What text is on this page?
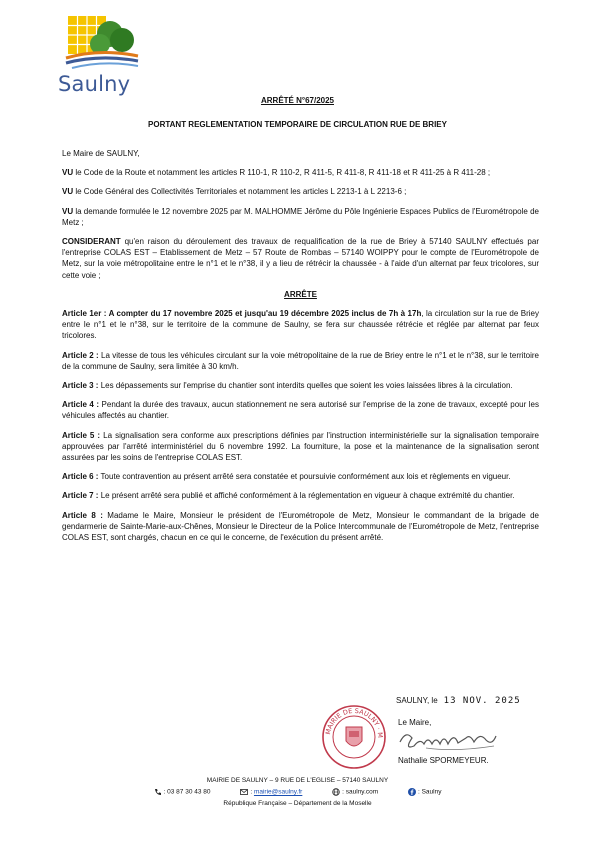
Saulny
ARRÊTÉ N°67/2025
PORTANT REGLEMENTATION TEMPORAIRE DE CIRCULATION RUE DE BRIEY

Le Maire de SAULNY,

VU le Code de la Route et notamment les articles R 110-1, R 110-2, R 411-5, R 411-8, R 411-18 et R 411-25 à R 411-28 ;

VU le Code Général des Collectivités Territoriales et notamment les articles L 2213-1 à L 2213-6 ;

VU la demande formulée le 12 novembre 2025 par M. MALHOMME Jérôme du Pôle Ingénierie Espaces Publics de l'Eurométropole de Metz ;

CONSIDERANT qu'en raison du déroulement des travaux de requalification de la rue de Briey à 57140 SAULNY effectués par l'entreprise COLAS EST – Etablissement de Metz – 57 Route de Rombas – 57140 WOIPPY pour le compte de l'Eurométropole de Metz, sur la voie métropolitaine entre le n°1 et le n°38, il y a lieu de rétrécir la chaussée - à l'aide d'un alternat par feux tricolores, sur cette voie ;

ARRÊTE

Article 1er : A compter du 17 novembre 2025 et jusqu'au 19 décembre 2025 inclus de 7h à 17h, la circulation sur la rue de Briey entre le n°1 et le n°38, sur le territoire de la commune de Saulny, se fera sur chaussée rétrécie et réglée par alternat par feux tricolores.

Article 2 : La vitesse de tous les véhicules circulant sur la voie métropolitaine de la rue de Briey entre le n°1 et le n°38, sur le territoire de la commune de Saulny, sera limitée à 30 km/h.

Article 3 : Les dépassements sur l'emprise du chantier sont interdits quelles que soient les voies laissées libres à la circulation.

Article 4 : Pendant la durée des travaux, aucun stationnement ne sera autorisé sur l'emprise de la zone de travaux, excepté pour les véhicules affectés au chantier.

Article 5 : La signalisation sera conforme aux prescriptions définies par l'instruction interministérielle sur la signalisation temporaire approuvées par l'arrêté interministériel du 6 novembre 1992. La fourniture, la pose et la maintenance de la signalisation seront assurées par les soins de l'entreprise COLAS EST.

Article 6 : Toute contravention au présent arrêté sera constatée et poursuivie conformément aux lois et règlements en vigueur.

Article 7 : Le présent arrêté sera publié et affiché conformément à la réglementation en vigueur à chaque extrémité du chantier.

Article 8 : Madame le Maire, Monsieur le président de l'Eurométropole de Metz, Monsieur le commandant de la brigade de gendarmerie de Sainte-Marie-aux-Chênes, Monsieur le Directeur de la Police Intercommunale de l'Eurométropole de Metz, l'entreprise COLAS EST, sont chargés, chacun en ce qui le concerne, de l'exécution du présent arrêté.

SAULNY, le 13 NOV. 2025
MAIRIE DE SAULNY · M
Le Maire,
Nathalie SPORMEYEUR.
MAIRIE DE SAULNY – 9 RUE DE L'EGLISE – 57140 SAULNY
: 03 87 30 43 80	: mairie@saulny.fr	: saulny.com	: Saulny
République Française – Département de la Moselle
